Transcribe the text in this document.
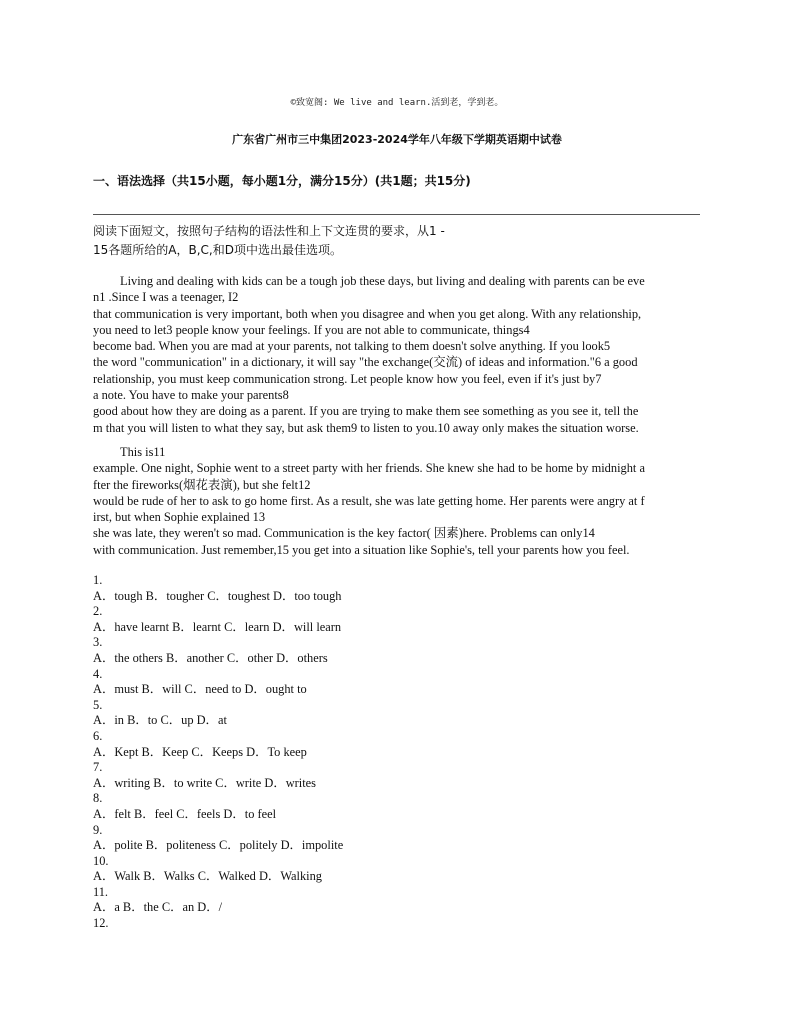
©致宽阁: We live and learn.活到老，学到老。
广东省广州市三中集团2023-2024学年八年级下学期英语期中试卷
一、语法选择（共15小题，每小题1分，满分15分）(共1题；共15分)
阅读下面短文，按照句子结构的语法性和上下文连贯的要求，从1 -
15各题所给的A，B,C,和D项中选出最佳选项。

Living and dealing with kids can be a tough job these days, but living and dealing with parents can be eve

n1 .Since I was a teenager, I2

that communication is very important, both when you disagree and when you get along. With any relationship,

you need to let3 people know your feelings. If you are not able to communicate, things4

become bad. When you are mad at your parents, not talking to them doesn't solve anything. If you look5

the word "communication" in a dictionary, it will say "the exchange(交流) of ideas and information."6 a good

relationship, you must keep communication strong. Let people know how you feel, even if it's just by7

a note. You have to make your parents8

good about how they are doing as a parent. If you are trying to make them see something as you see it, tell the

m that you will listen to what they say, but ask them9 to listen to you.10 away only makes the situation worse.

This is11

example. One night, Sophie went to a street party with her friends. She knew she had to be home by midnight a

fter the fireworks(烟花表演), but she felt12

would be rude of her to ask to go home first. As a result, she was late getting home. Her parents were angry at f

irst, but when Sophie explained 13

she was late, they weren't so mad. Communication is the key factor( 因素)here. Problems can only14

with communication. Just remember,15 you get into a situation like Sophie's, tell your parents how you feel.

1.

A．tough B．tougher C．toughest D．too tough

2.

A．have learnt B．learnt C．learn D．will learn

3.

A．the others B．another C．other D．others

4.

A．must B．will C．need to D．ought to

5.

A．in B．to C．up D．at

6.

A．Kept B．Keep C．Keeps D．To keep

7.

A．writing B．to write C．write D．writes

8.

A．felt B．feel C．feels D．to feel

9.

A．polite B．politeness C．politely D．impolite

10.

A．Walk B．Walks C．Walked D．Walking

11.

A．a B．the C．an D．/

12.
